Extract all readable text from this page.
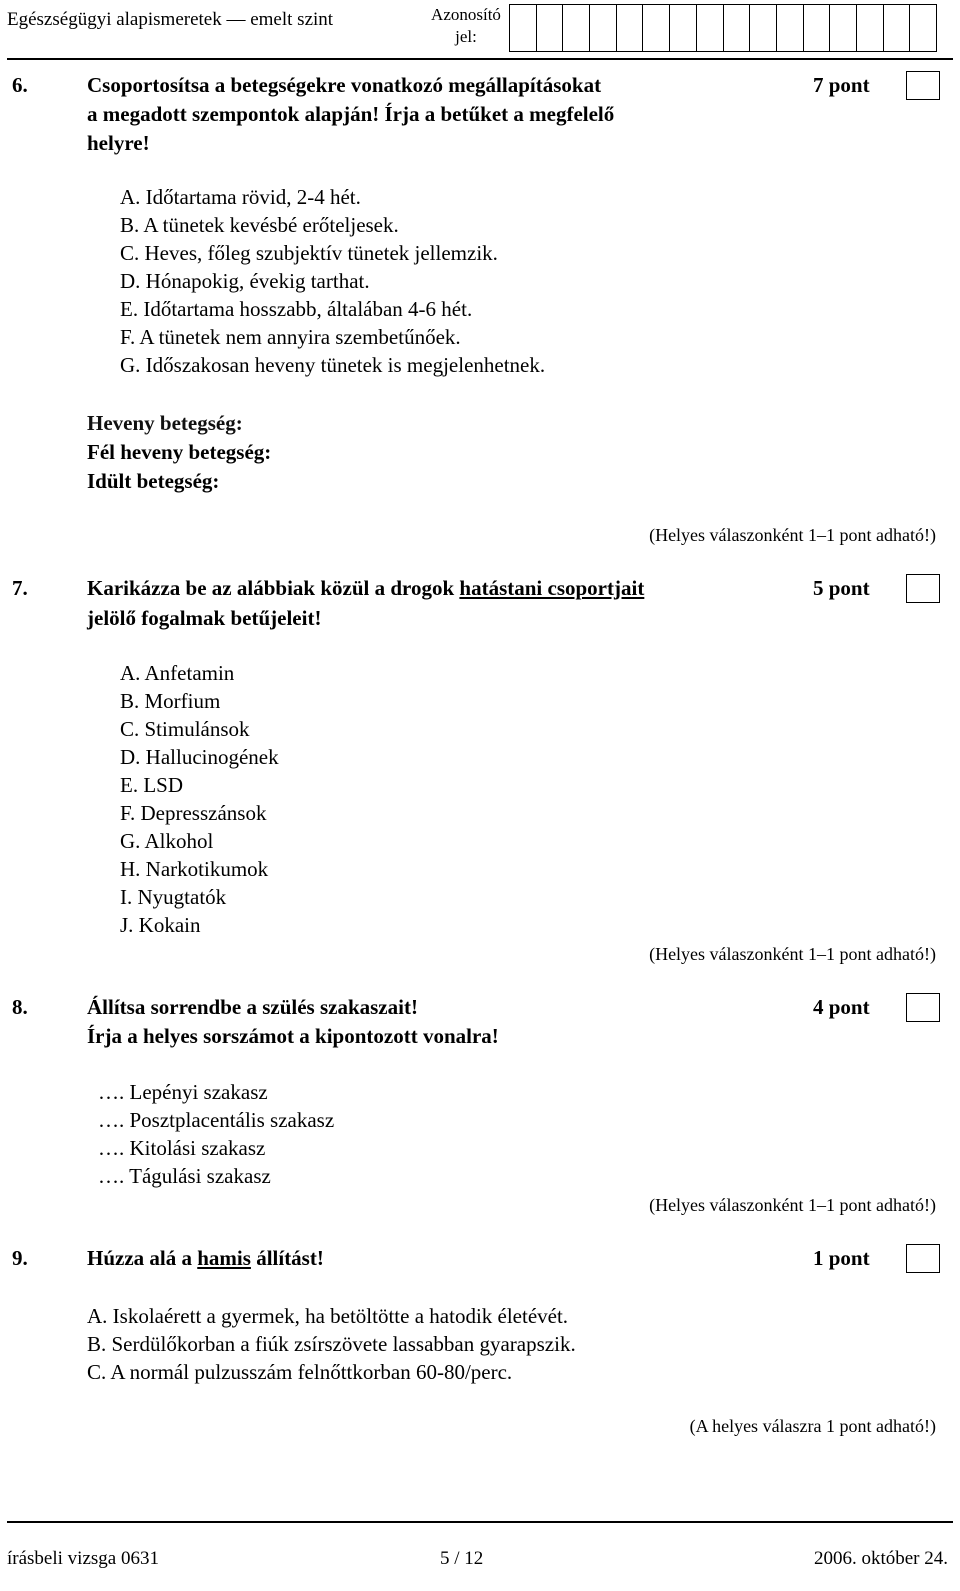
Egészségügyi alapismeretek — emelt szint	Azonosító jel:
6.	Csoportosítsa a betegségekre vonatkozó megállapításokat
a megadott szempontok alapján! Írja a betűket a megfelelő
helyre!
7 pont
A. Időtartama rövid, 2-4 hét.
B. A tünetek kevésbé erőteljesek.
C. Heves, főleg szubjektív tünetek jellemzik.
D. Hónapokig, évekig tarthat.
E. Időtartama hosszabb, általában 4-6 hét.
F. A tünetek nem annyira szembetűnőek.
G. Időszakosan heveny tünetek is megjelenhetnek.
Heveny betegség:
Fél heveny betegség:
Idült betegség:
(Helyes válaszonként 1–1 pont adható!)
7.	Karikázza be az alábbiak közül a drogok hatástani csoportjait
jelölő fogalmak betűjeleit!
5 pont
A. Anfetamin
B. Morfium
C. Stimulánsok
D. Hallucinogének
E. LSD
F. Depresszánsok
G. Alkohol
H. Narkotikumok
I. Nyugtatók
J. Kokain
(Helyes válaszonként 1–1 pont adható!)
8.	Állítsa sorrendbe a szülés szakaszait!
Írja a helyes sorszámot a kipontozott vonalra!
4 pont
…. Lepényi szakasz
…. Posztplacentális szakasz
…. Kitolási szakasz
…. Tágulási szakasz
(Helyes válaszonként 1–1 pont adható!)
9.	Húzza alá a hamis állítást!	1 pont
A. Iskolaérett a gyermek, ha betöltötte a hatodik életévét.
B. Serdülőkorban a fiúk zsírszövete lassabban gyarapszik.
C. A normál pulzusszám felnőttkorban 60-80/perc.
(A helyes válaszra 1 pont adható!)
írásbeli vizsga 0631	5 / 12	2006. október 24.
